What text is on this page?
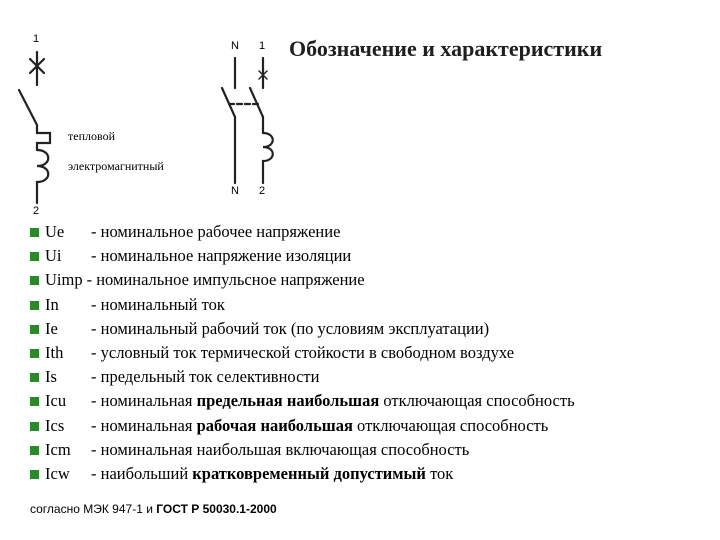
Обозначение и характеристики
1
2
N 1
N 2
тепловой
электромагнитный
Ue - номинальное рабочее напряжение
Ui - номинальное напряжение изоляции
Uimp - номинальное импульсное напряжение
In - номинальный ток
Ie - номинальный рабочий ток (по условиям эксплуатации)
Ith - условный ток термической стойкости в свободном воздухе
Is - предельный ток селективности
Icu - номинальная предельная наибольшая отключающая способность
Ics - номинальная рабочая наибольшая отключающая способность
Icm - номинальная наибольшая включающая способность
Icw - наибольший кратковременный допустимый ток
согласно МЭК 947-1 и ГОСТ Р 50030.1-2000
